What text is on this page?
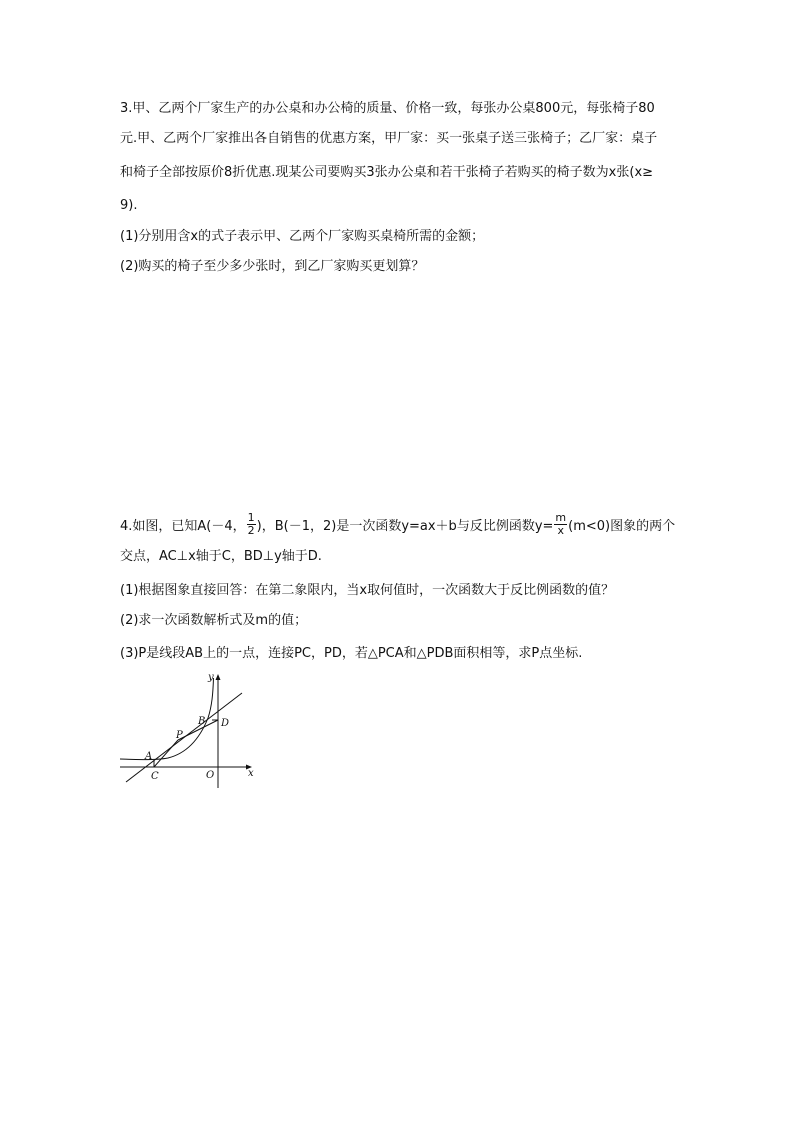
3.甲、乙两个厂家生产的办公桌和办公椅的质量、价格一致，每张办公桌800元，每张椅子80
元.甲、乙两个厂家推出各自销售的优惠方案，甲厂家：买一张桌子送三张椅子；乙厂家：桌子
和椅子全部按原价8折优惠.现某公司要购买3张办公桌和若干张椅子若购买的椅子数为x张(x≥
9).
(1)分别用含x的式子表示甲、乙两个厂家购买桌椅所需的金额；
(2)购买的椅子至少多少张时，到乙厂家购买更划算？
4.如图，已知A(－4， $\frac{1}{2}$ )，B(－1，2)是一次函数y=ax＋b与反比例函数$y= \frac{m}{x} (m<0)$图象的两个
交点，AC⊥x轴于C，BD⊥y轴于D.
(1)根据图象直接回答：在第二象限内，当x取何值时，一次函数大于反比例函数的值？
(2)求一次函数解析式及m的值；
(3)P是线段AB上的一点，连接PC，PD，若△PCA和△PDB面积相等，求P点坐标.
y
x
O
A
B
C
D
P
